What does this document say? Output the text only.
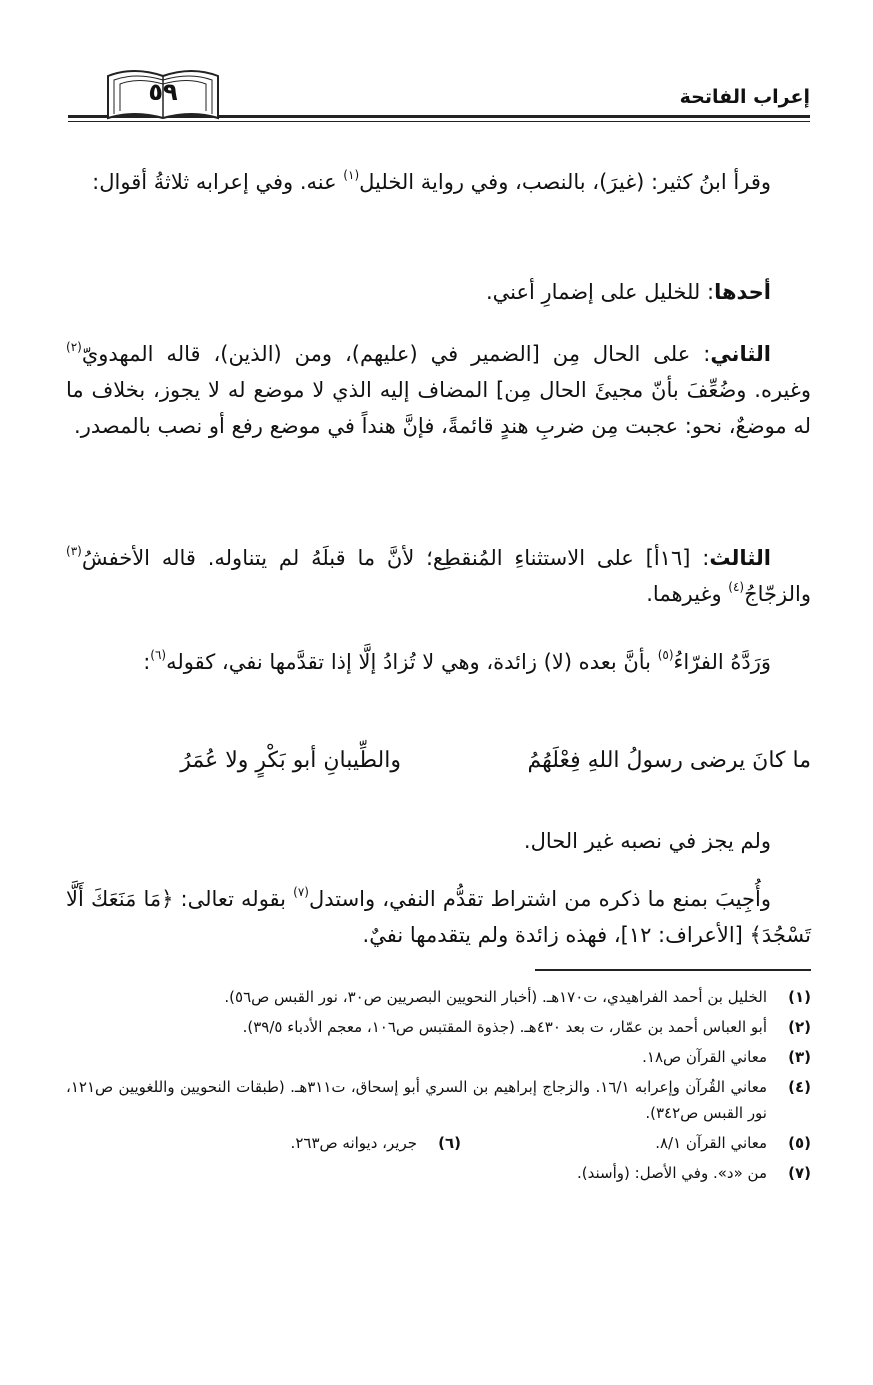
إعراب الفاتحة
٥٩

وقرأ ابنُ كثير: (غيرَ)، بالنصب، وفي رواية الخليل$^{(١)}$ عنه. وفي إعرابه ثلاثةُ أقوال:

أحدها: للخليل على إضمارِ أعني.

الثاني: على الحال مِن [الضمير في (عليهم)، ومن (الذين)، قاله المهدويّ$^{(٢)}$ وغيره. وضُعِّفَ بأنّ مجيئَ الحال مِن] المضاف إليه الذي لا موضع له لا يجوز، بخلاف ما له موضعٌ، نحو: عجبت مِن ضربِ هندٍ قائمةً، فإنَّ هنداً في موضع رفع أو نصب بالمصدر.

الثالث: [١٦أ] على الاستثناءِ المُنقطِع؛ لأنَّ ما قبلَهُ لم يتناوله. قاله الأخفشُ$^{(٣)}$ والزجّاجُ$^{(٤)}$ وغيرهما.

وَرَدَّهُ الفرّاءُ$^{(٥)}$ بأنَّ بعده (لا) زائدة، وهي لا تُزادُ إلَّا إذا تقدَّمها نفي، كقوله$^{(٦)}$:

ما كانَ يرضى رسولُ اللهِ فِعْلَهُمُ
والطِّيبانِ أبو بَكْرٍ ولا عُمَرُ

ولم يجز في نصبه غير الحال.

وأُجِيبَ بمنع ما ذكره من اشتراط تقدُّم النفي، واستدل$^{(٧)}$ بقوله تعالى: ﴿مَا مَنَعَكَ أَلَّا تَسْجُدَ﴾ [الأعراف: ١٢]، فهذه زائدة ولم يتقدمها نفيٌ.

(١)
الخليل بن أحمد الفراهيدي، ت١٧٠هـ. (أخبار النحويين البصريين ص٣٠، نور القبس ص٥٦).
(٢)
أبو العباس أحمد بن عمّار، ت بعد ٤٣٠هـ. (جذوة المقتبس ص١٠٦، معجم الأدباء ٣٩/٥).
(٣)
معاني القرآن ص١٨.
(٤)
معاني القُرآن وإعرابه ١٦/١. والزجاج إبراهيم بن السري أبو إسحاق، ت٣١١هـ. (طبقات النحويين واللغويين ص١٢١، نور القبس ص٣٤٢).
(٥)
معاني القرآن ٨/١.
(٦)
جرير، ديوانه ص٢٦٣.
(٧)
من «د». وفي الأصل: (وأسند).
